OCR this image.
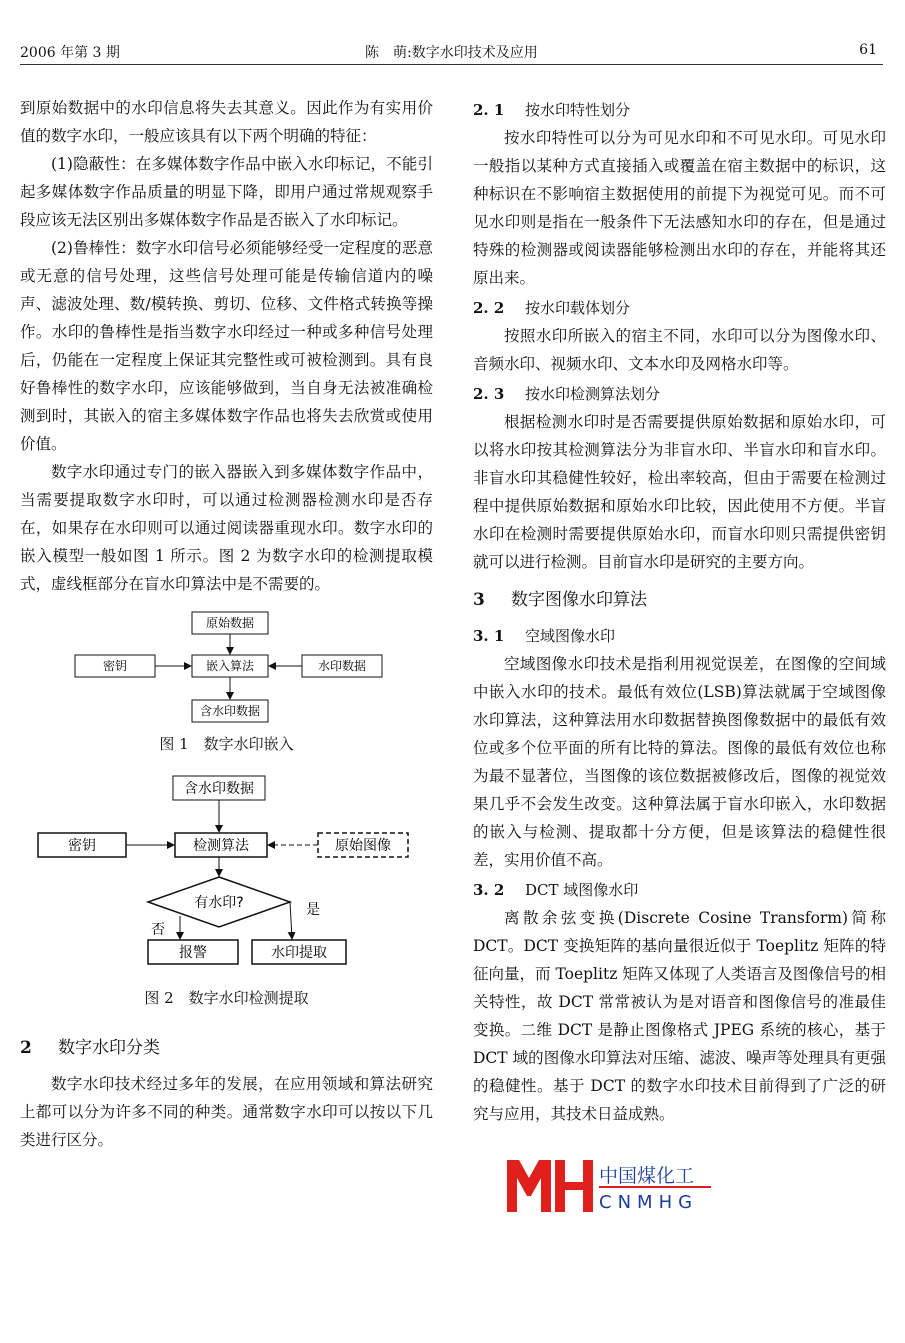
2006 年第 3 期	陈　萌:数字水印技术及应用	61

到原始数据中的水印信息将失去其意义。因此作为有实用价值的数字水印，一般应该具有以下两个明确的特征：

(1)隐蔽性：在多媒体数字作品中嵌入水印标记，不能引起多媒体数字作品质量的明显下降，即用户通过常规观察手段应该无法区别出多媒体数字作品是否嵌入了水印标记。

(2)鲁棒性：数字水印信号必须能够经受一定程度的恶意或无意的信号处理，这些信号处理可能是传输信道内的噪声、滤波处理、数/模转换、剪切、位移、文件格式转换等操作。水印的鲁棒性是指当数字水印经过一种或多种信号处理后，仍能在一定程度上保证其完整性或可被检测到。具有良好鲁棒性的数字水印，应该能够做到，当自身无法被准确检测到时，其嵌入的宿主多媒体数字作品也将失去欣赏或使用价值。

数字水印通过专门的嵌入器嵌入到多媒体数字作品中，当需要提取数字水印时，可以通过检测器检测水印是否存在，如果存在水印则可以通过阅读器重现水印。数字水印的嵌入模型一般如图 1 所示。图 2 为数字水印的检测提取模式，虚线框部分在盲水印算法中是不需要的。

原始数据
密钥	嵌入算法	水印数据
含水印数据
图 1　数字水印嵌入
含水印数据
密钥	检测算法	原始图像
有水印?
报警	水印提取
否
是
图 2　数字水印检测提取
2 数字水印分类

数字水印技术经过多年的发展，在应用领域和算法研究上都可以分为许多不同的种类。通常数字水印可以按以下几类进行区分。

2. 1 按水印特性划分

按水印特性可以分为可见水印和不可见水印。可见水印一般指以某种方式直接插入或覆盖在宿主数据中的标识，这种标识在不影响宿主数据使用的前提下为视觉可见。而不可见水印则是指在一般条件下无法感知水印的存在，但是通过特殊的检测器或阅读器能够检测出水印的存在，并能将其还原出来。

2. 2 按水印载体划分

按照水印所嵌入的宿主不同，水印可以分为图像水印、音频水印、视频水印、文本水印及网格水印等。

2. 3 按水印检测算法划分

根据检测水印时是否需要提供原始数据和原始水印，可以将水印按其检测算法分为非盲水印、半盲水印和盲水印。非盲水印其稳健性较好，检出率较高，但由于需要在检测过程中提供原始数据和原始水印比较，因此使用不方便。半盲水印在检测时需要提供原始水印，而盲水印则只需提供密钥就可以进行检测。目前盲水印是研究的主要方向。

3 数字图像水印算法
3. 1 空域图像水印

空域图像水印技术是指利用视觉误差，在图像的空间域中嵌入水印的技术。最低有效位(LSB)算法就属于空域图像水印算法，这种算法用水印数据替换图像数据中的最低有效位或多个位平面的所有比特的算法。图像的最低有效位也称为最不显著位，当图像的该位数据被修改后，图像的视觉效果几乎不会发生改变。这种算法属于盲水印嵌入，水印数据的嵌入与检测、提取都十分方便，但是该算法的稳健性很差，实用价值不高。

3. 2 DCT 域图像水印

离散余弦变换(Discrete Cosine Transform)简称 DCT。DCT 变换矩阵的基向量很近似于 Toeplitz 矩阵的特征向量，而 Toeplitz 矩阵又体现了人类语言及图像信号的相关特性，故 DCT 常常被认为是对语音和图像信号的准最佳变换。二维 DCT 是静止图像格式 JPEG 系统的核心，基于 DCT 域的图像水印算法对压缩、滤波、噪声等处理具有更强的稳健性。基于 DCT 的数字水印技术目前得到了广泛的研究与应用，其技术日益成熟。

中国煤化工
CNMHG
